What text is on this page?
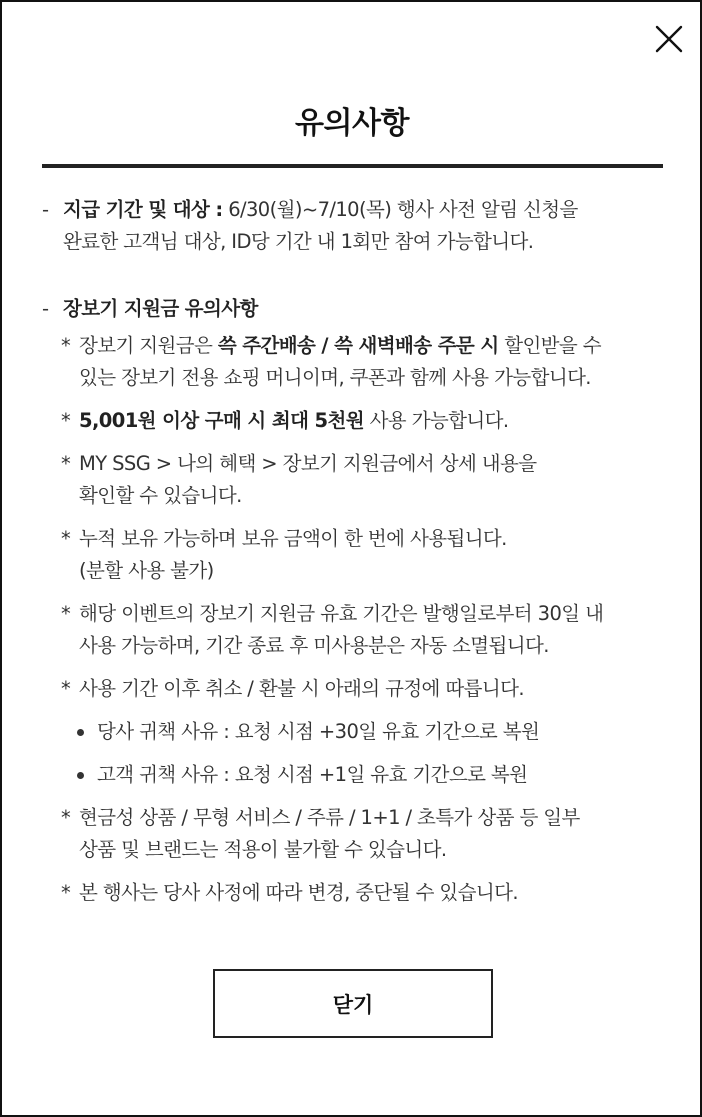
유의사항
- 지급 기간 및 대상 : 6/30(월)~7/10(목) 행사 사전 알림 신청을
완료한 고객님 대상, ID당 기간 내 1회만 참여 가능합니다.
- 장보기 지원금 유의사항
* 장보기 지원금은 쓱 주간배송 / 쓱 새벽배송 주문 시 할인받을 수
있는 장보기 전용 쇼핑 머니이며, 쿠폰과 함께 사용 가능합니다.
* 5,001원 이상 구매 시 최대 5천원 사용 가능합니다.
* MY SSG > 나의 혜택 > 장보기 지원금에서 상세 내용을
확인할 수 있습니다.
* 누적 보유 가능하며 보유 금액이 한 번에 사용됩니다.
(분할 사용 불가)
* 해당 이벤트의 장보기 지원금 유효 기간은 발행일로부터 30일 내
사용 가능하며, 기간 종료 후 미사용분은 자동 소멸됩니다.
* 사용 기간 이후 취소 / 환불 시 아래의 규정에 따릅니다.
당사 귀책 사유 : 요청 시점 +30일 유효 기간으로 복원
고객 귀책 사유 : 요청 시점 +1일 유효 기간으로 복원
* 현금성 상품 / 무형 서비스 / 주류 / 1+1 / 초특가 상품 등 일부
상품 및 브랜드는 적용이 불가할 수 있습니다.
* 본 행사는 당사 사정에 따라 변경, 중단될 수 있습니다.
닫기
